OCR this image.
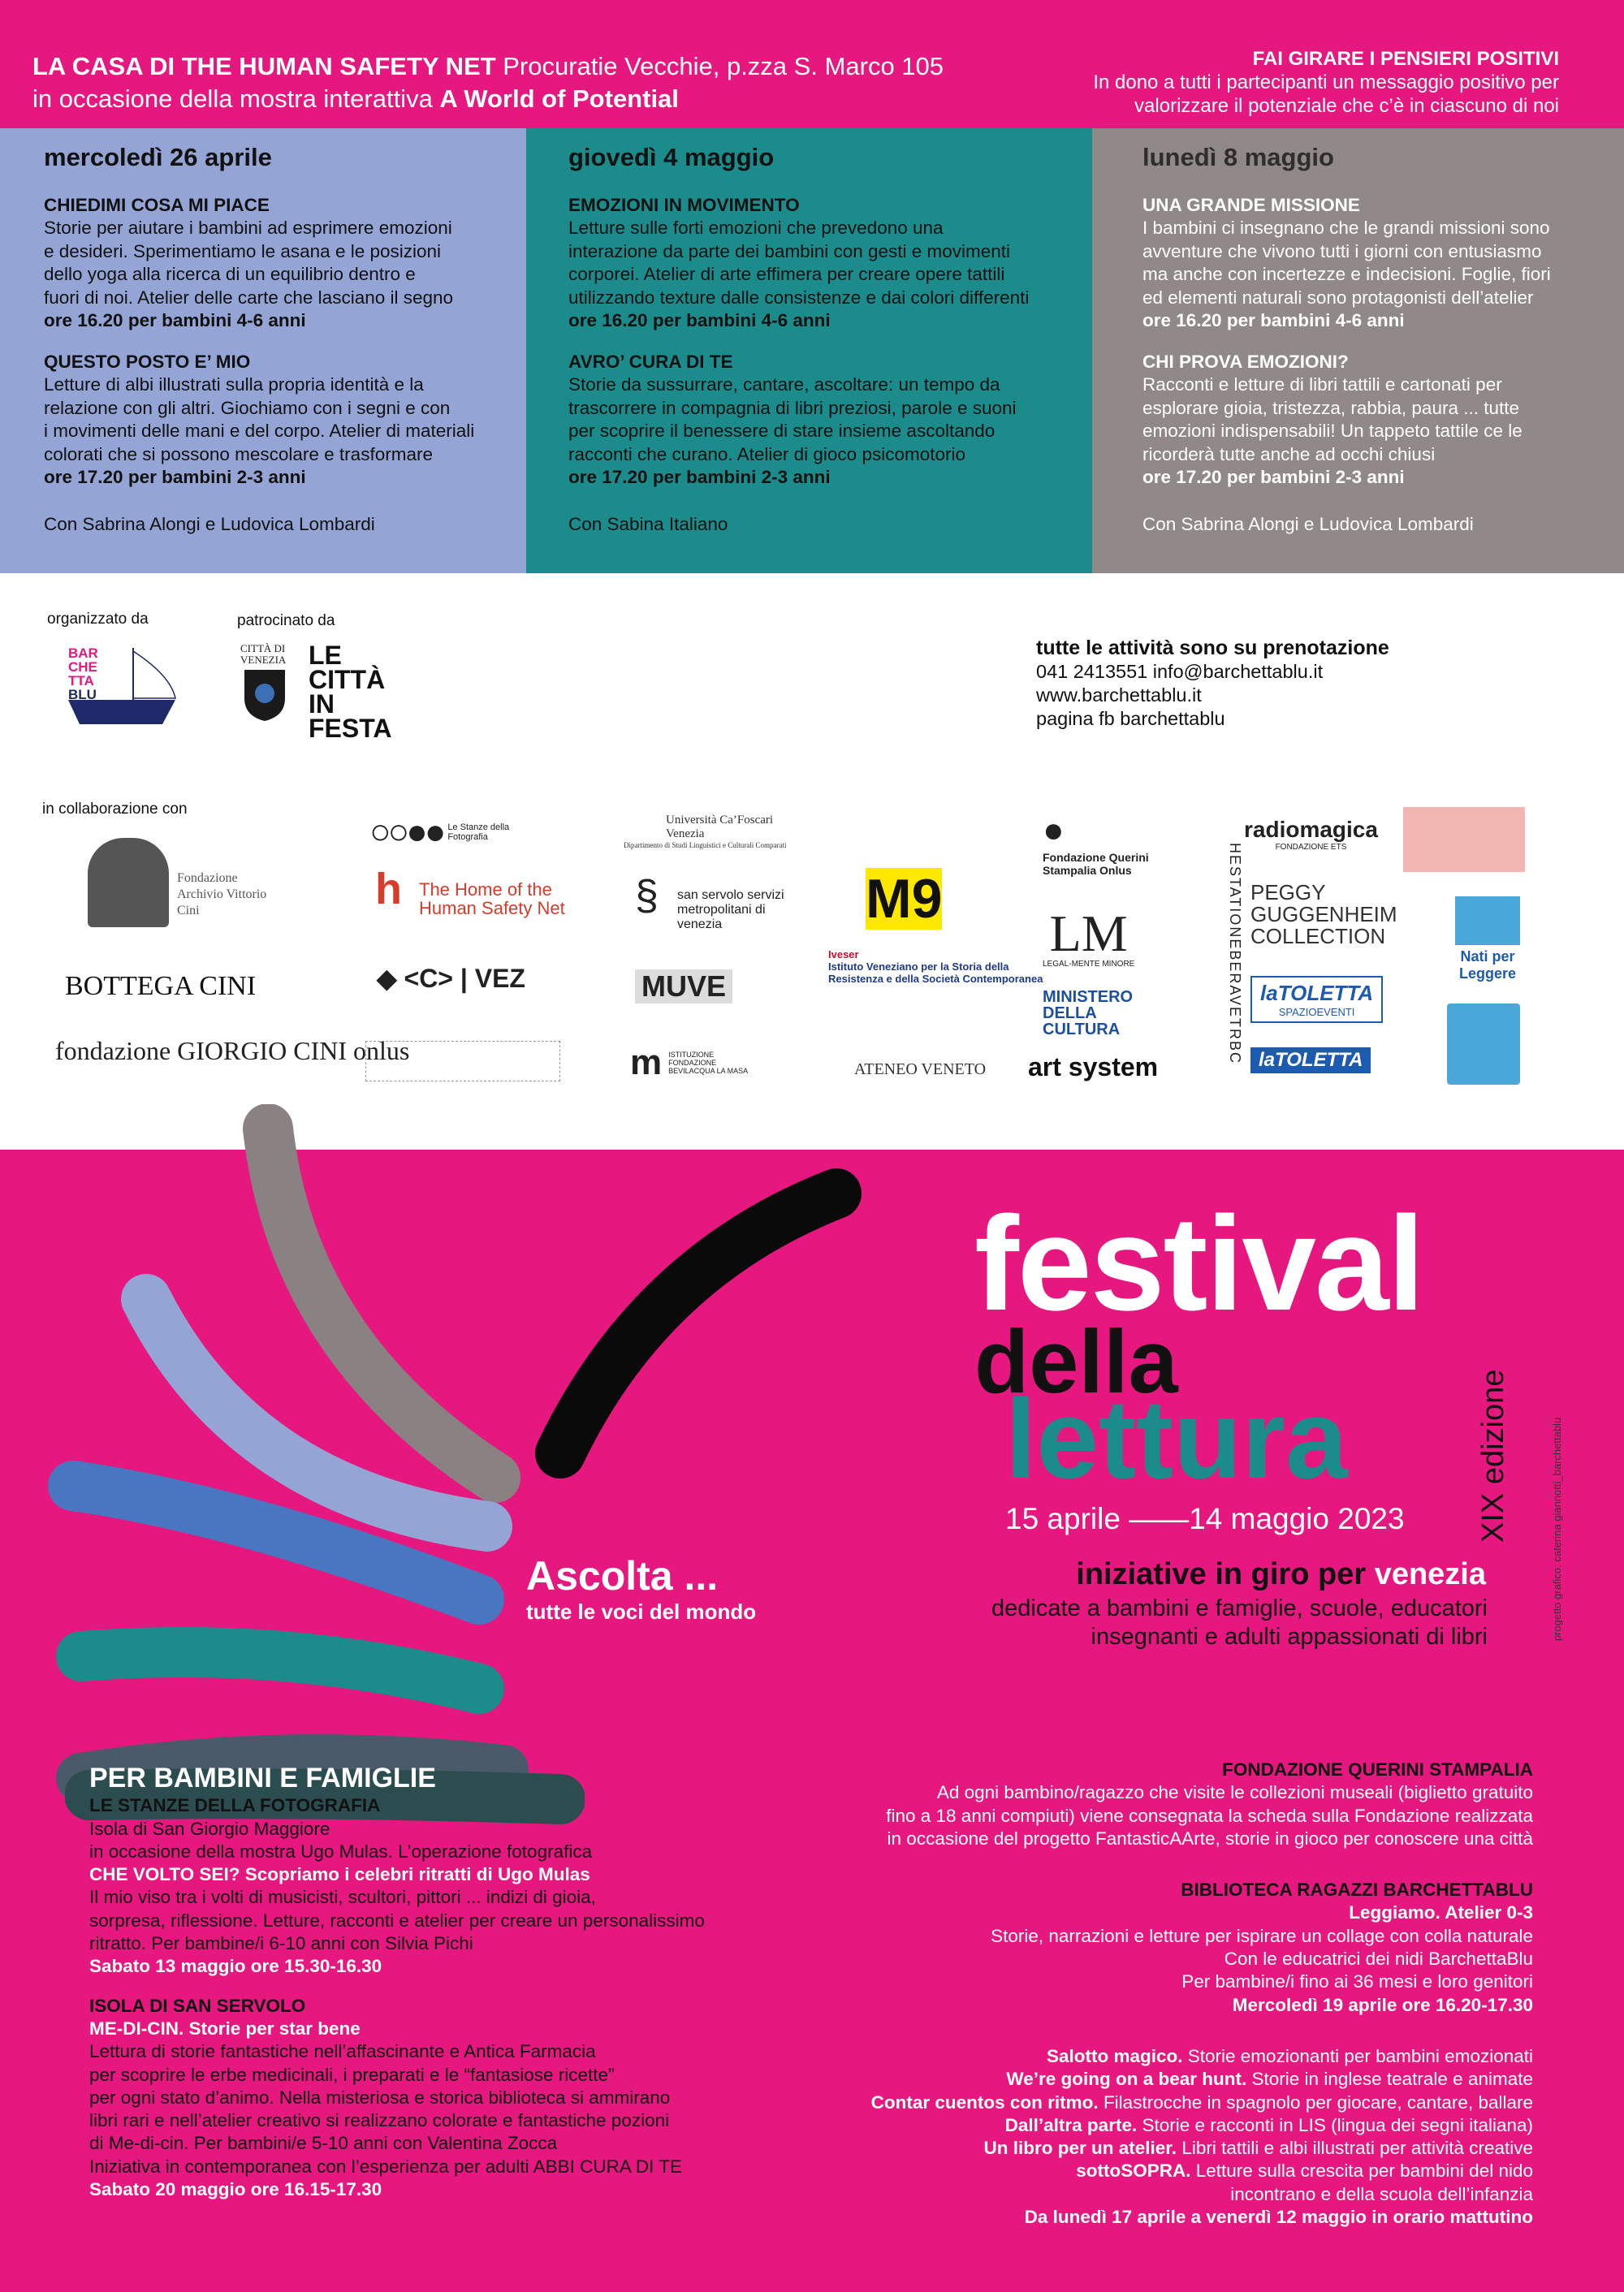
LA CASA DI THE HUMAN SAFETY NET Procuratie Vecchie, p.zza S. Marco 105
in occasione della mostra interattiva A World of Potential
FAI GIRARE I PENSIERI POSITIVI
In dono a tutti i partecipanti un messaggio positivo per
valorizzare il potenziale che c’è in ciascuno di noi
mercoledì 26 aprile
CHIEDIMI COSA MI PIACE
Storie per aiutare i bambini ad esprimere emozioni
e desideri. Sperimentiamo le asana e le posizioni
dello yoga alla ricerca di un equilibrio dentro e
fuori di noi. Atelier delle carte che lasciano il segno
ore 16.20 per bambini 4-6 anni
QUESTO POSTO E’ MIO
Letture di albi illustrati sulla propria identità e la
relazione con gli altri. Giochiamo con i segni e con
i movimenti delle mani e del corpo. Atelier di materiali
colorati che si possono mescolare e trasformare
ore 17.20 per bambini 2-3 anni
Con Sabrina Alongi e Ludovica Lombardi
giovedì 4 maggio
EMOZIONI IN MOVIMENTO
Letture sulle forti emozioni che prevedono una
interazione da parte dei bambini con gesti e movimenti
corporei. Atelier di arte effimera per creare opere tattili
utilizzando texture dalle consistenze e dai colori differenti
ore 16.20 per bambini 4-6 anni
AVRO’ CURA DI TE
Storie da sussurrare, cantare, ascoltare: un tempo da
trascorrere in compagnia di libri preziosi, parole e suoni
per scoprire il benessere di stare insieme ascoltando
racconti che curano. Atelier di gioco psicomotorio
ore 17.20 per bambini 2-3 anni
Con Sabina Italiano
lunedì 8 maggio
UNA GRANDE MISSIONE
I bambini ci insegnano che le grandi missioni sono
avventure che vivono tutti i giorni con entusiasmo
ma anche con incertezze e indecisioni. Foglie, fiori
ed elementi naturali sono protagonisti dell’atelier
ore 16.20 per bambini 4-6 anni
CHI PROVA EMOZIONI?
Racconti e letture di libri tattili e cartonati per
esplorare gioia, tristezza, rabbia, paura ... tutte
emozioni indispensabili! Un tappeto tattile ce le
ricorderà tutte anche ad occhi chiusi
ore 17.20 per bambini 2-3 anni
Con Sabrina Alongi e Ludovica Lombardi
organizzato da	patrocinato da
BAR
CHE
TTA
BLU
CITTÀ DI VENEZIA LE
CITTÀ
IN
FESTA
tutte le attività sono su prenotazione
041 2413551 info@barchettablu.it
www.barchettablu.it
pagina fb barchettablu
in collaborazione con
Fondazione Archivio Vittorio Cini
○○●● Le Stanze della Fotografia
Università Ca’Foscari Venezia
Dipartimento di Studi Linguistici e Culturali Comparati	●
Fondazione Querini Stampalia Onlus
radiomagica
FONDAZIONE ETS
h The Home of the Human Safety Net §	san servolo servizi metropolitani di venezia	M9
LM
LEGAL-MENTE MINORE
PEGGY
GUGGENHEIM
COLLECTION
Nati per Leggere
BOTTEGA CINI	◆ <C> | VEZ	MUVE
Iveser
Istituto Veneziano per la Storia della Resistenza e della Società Contemporanea
MINISTERO DELLA CULTURA	HESTATIONEBERAVETRBC laTOLETTA
SPAZIOEVENTI
fondazione GIORGIO CINI onlus	m ISTITUZIONE FONDAZIONE BEVILACQUA LA MASA	ATENEO VENETO art system	laTOLETTA
progetto grafico: caterina giannotti_barchettablu
festival
della
lettura
15 aprile ——14 maggio 2023 XIX edizione
iniziative in giro per venezia
dedicate a bambini e famiglie, scuole, educatori
insegnanti e adulti appassionati di libri
Ascolta ...
tutte le voci del mondo
PER BAMBINI E FAMIGLIE
LE STANZE DELLA FOTOGRAFIA
Isola di San Giorgio Maggiore
in occasione della mostra Ugo Mulas. L’operazione fotografica
CHE VOLTO SEI? Scopriamo i celebri ritratti di Ugo Mulas
Il mio viso tra i volti di musicisti, scultori, pittori ... indizi di gioia,
sorpresa, riflessione. Letture, racconti e atelier per creare un personalissimo
ritratto. Per bambine/i 6-10 anni con Silvia Pichi
Sabato 13 maggio ore 15.30-16.30
ISOLA DI SAN SERVOLO
ME-DI-CIN. Storie per star bene
Lettura di storie fantastiche nell’affascinante e Antica Farmacia
per scoprire le erbe medicinali, i preparati e le “fantasiose ricette”
per ogni stato d’animo. Nella misteriosa e storica biblioteca si ammirano
libri rari e nell’atelier creativo si realizzano colorate e fantastiche pozioni
di Me-di-cin. Per bambini/e 5-10 anni con Valentina Zocca
Iniziativa in contemporanea con l’esperienza per adulti ABBI CURA DI TE
Sabato 20 maggio ore 16.15-17.30
FONDAZIONE QUERINI STAMPALIA
Ad ogni bambino/ragazzo che visite le collezioni museali (biglietto gratuito
fino a 18 anni compiuti) viene consegnata la scheda sulla Fondazione realizzata
in occasione del progetto FantasticAArte, storie in gioco per conoscere una città
BIBLIOTECA RAGAZZI BARCHETTABLU
Leggiamo. Atelier 0-3
Storie, narrazioni e letture per ispirare un collage con colla naturale
Con le educatrici dei nidi BarchettaBlu
Per bambine/i fino ai 36 mesi e loro genitori
Mercoledì 19 aprile ore 16.20-17.30
Salotto magico. Storie emozionanti per bambini emozionati
We’re going on a bear hunt. Storie in inglese teatrale e animate
Contar cuentos con ritmo. Filastrocche in spagnolo per giocare, cantare, ballare
Dall’altra parte. Storie e racconti in LIS (lingua dei segni italiana)
Un libro per un atelier. Libri tattili e albi illustrati per attività creative
sottoSOPRA. Letture sulla crescita per bambini del nido
incontrano e della scuola dell’infanzia
Da lunedì 17 aprile a venerdì 12 maggio in orario mattutino
